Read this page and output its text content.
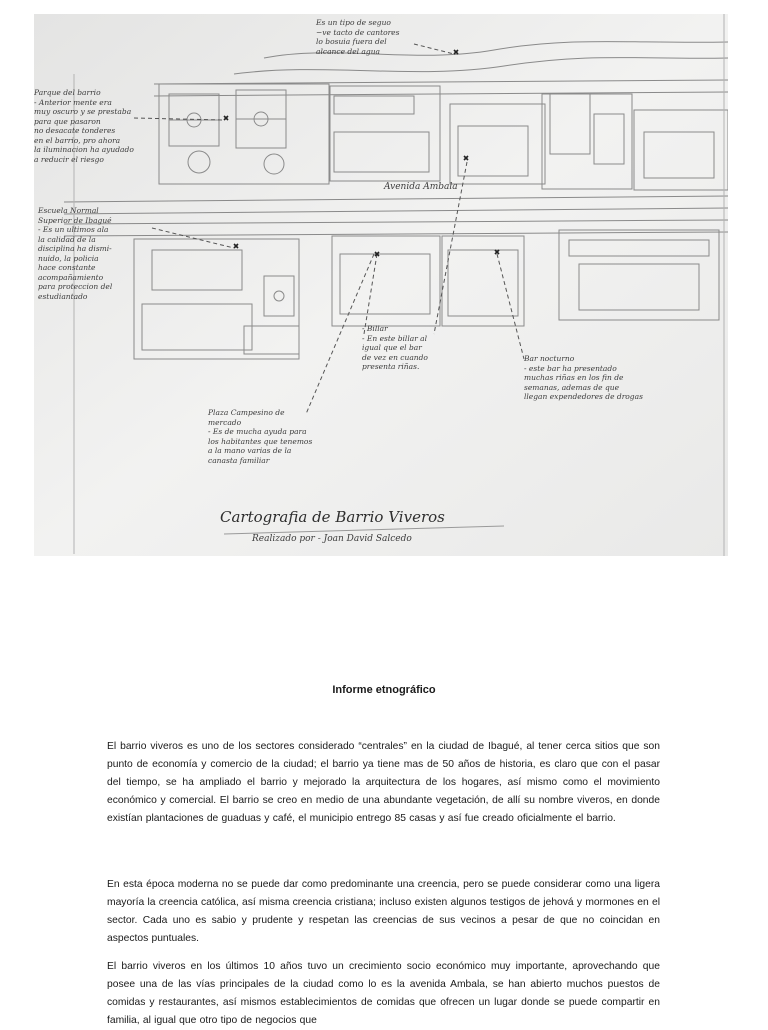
Es un tipo de seguo
−ve tacto de cantores
lo bosuia fuera del
alcance del agua

Parque del barrio
- Anterior mente era
muy oscuro y se prestaba
para que pasaron
no desacate tonderes
en el barrio, pro ahora
la iluminacion ha ayudado
a reducir el riesgo

Avenida Ambala

Escuela Normal
Superior de Ibagué
- Es un ultimos ala
la calidad de la
disciplina ha dismi-
nuido, la policia
hace constante
acompañamiento
para proteccion del
estudiantado

- Billar
- En este billar al
igual que el bar
de vez en cuando
presenta riñas.

Bar nocturno
- este bar ha presentado
muchas riñas en los fin de
semanas, ademas de que
llegan expendedores de drogas

Plaza Campesino de
mercado
- Es de mucha ayuda para
los habitantes que tenemos
a la mano varias de la
canasta familiar

Cartografia de Barrio Viveros

Realizado por - Joan David Salcedo

Informe etnográfico

El barrio viveros es uno de los sectores considerado “centrales” en la ciudad de Ibagué, al tener cerca sitios que son punto de economía y comercio de la ciudad; el barrio ya tiene mas de 50 años de historia, es claro que con el pasar del tiempo, se ha ampliado el barrio y mejorado la arquitectura de los hogares, así mismo como el movimiento económico y comercial. El barrio se creo en medio de una abundante vegetación, de allí su nombre viveros, en donde existían plantaciones de guaduas y café, el municipio entrego 85 casas y así fue creado oficialmente el barrio.

En esta época moderna no se puede dar como predominante una creencia, pero se puede considerar como una ligera mayoría la creencia católica, así misma creencia cristiana; incluso existen algunos testigos de jehová y mormones en el sector. Cada uno es sabio y prudente y respetan las creencias de sus vecinos a pesar de que no coincidan en aspectos puntuales.

El barrio viveros en los últimos 10 años tuvo un crecimiento socio económico muy importante, aprovechando que posee una de las vías principales de la ciudad como lo es la avenida Ambala, se han abierto muchos puestos de comidas y restaurantes, así mismos establecimientos de comidas que ofrecen un lugar donde se puede compartir en familia, al igual que otro tipo de negocios que
